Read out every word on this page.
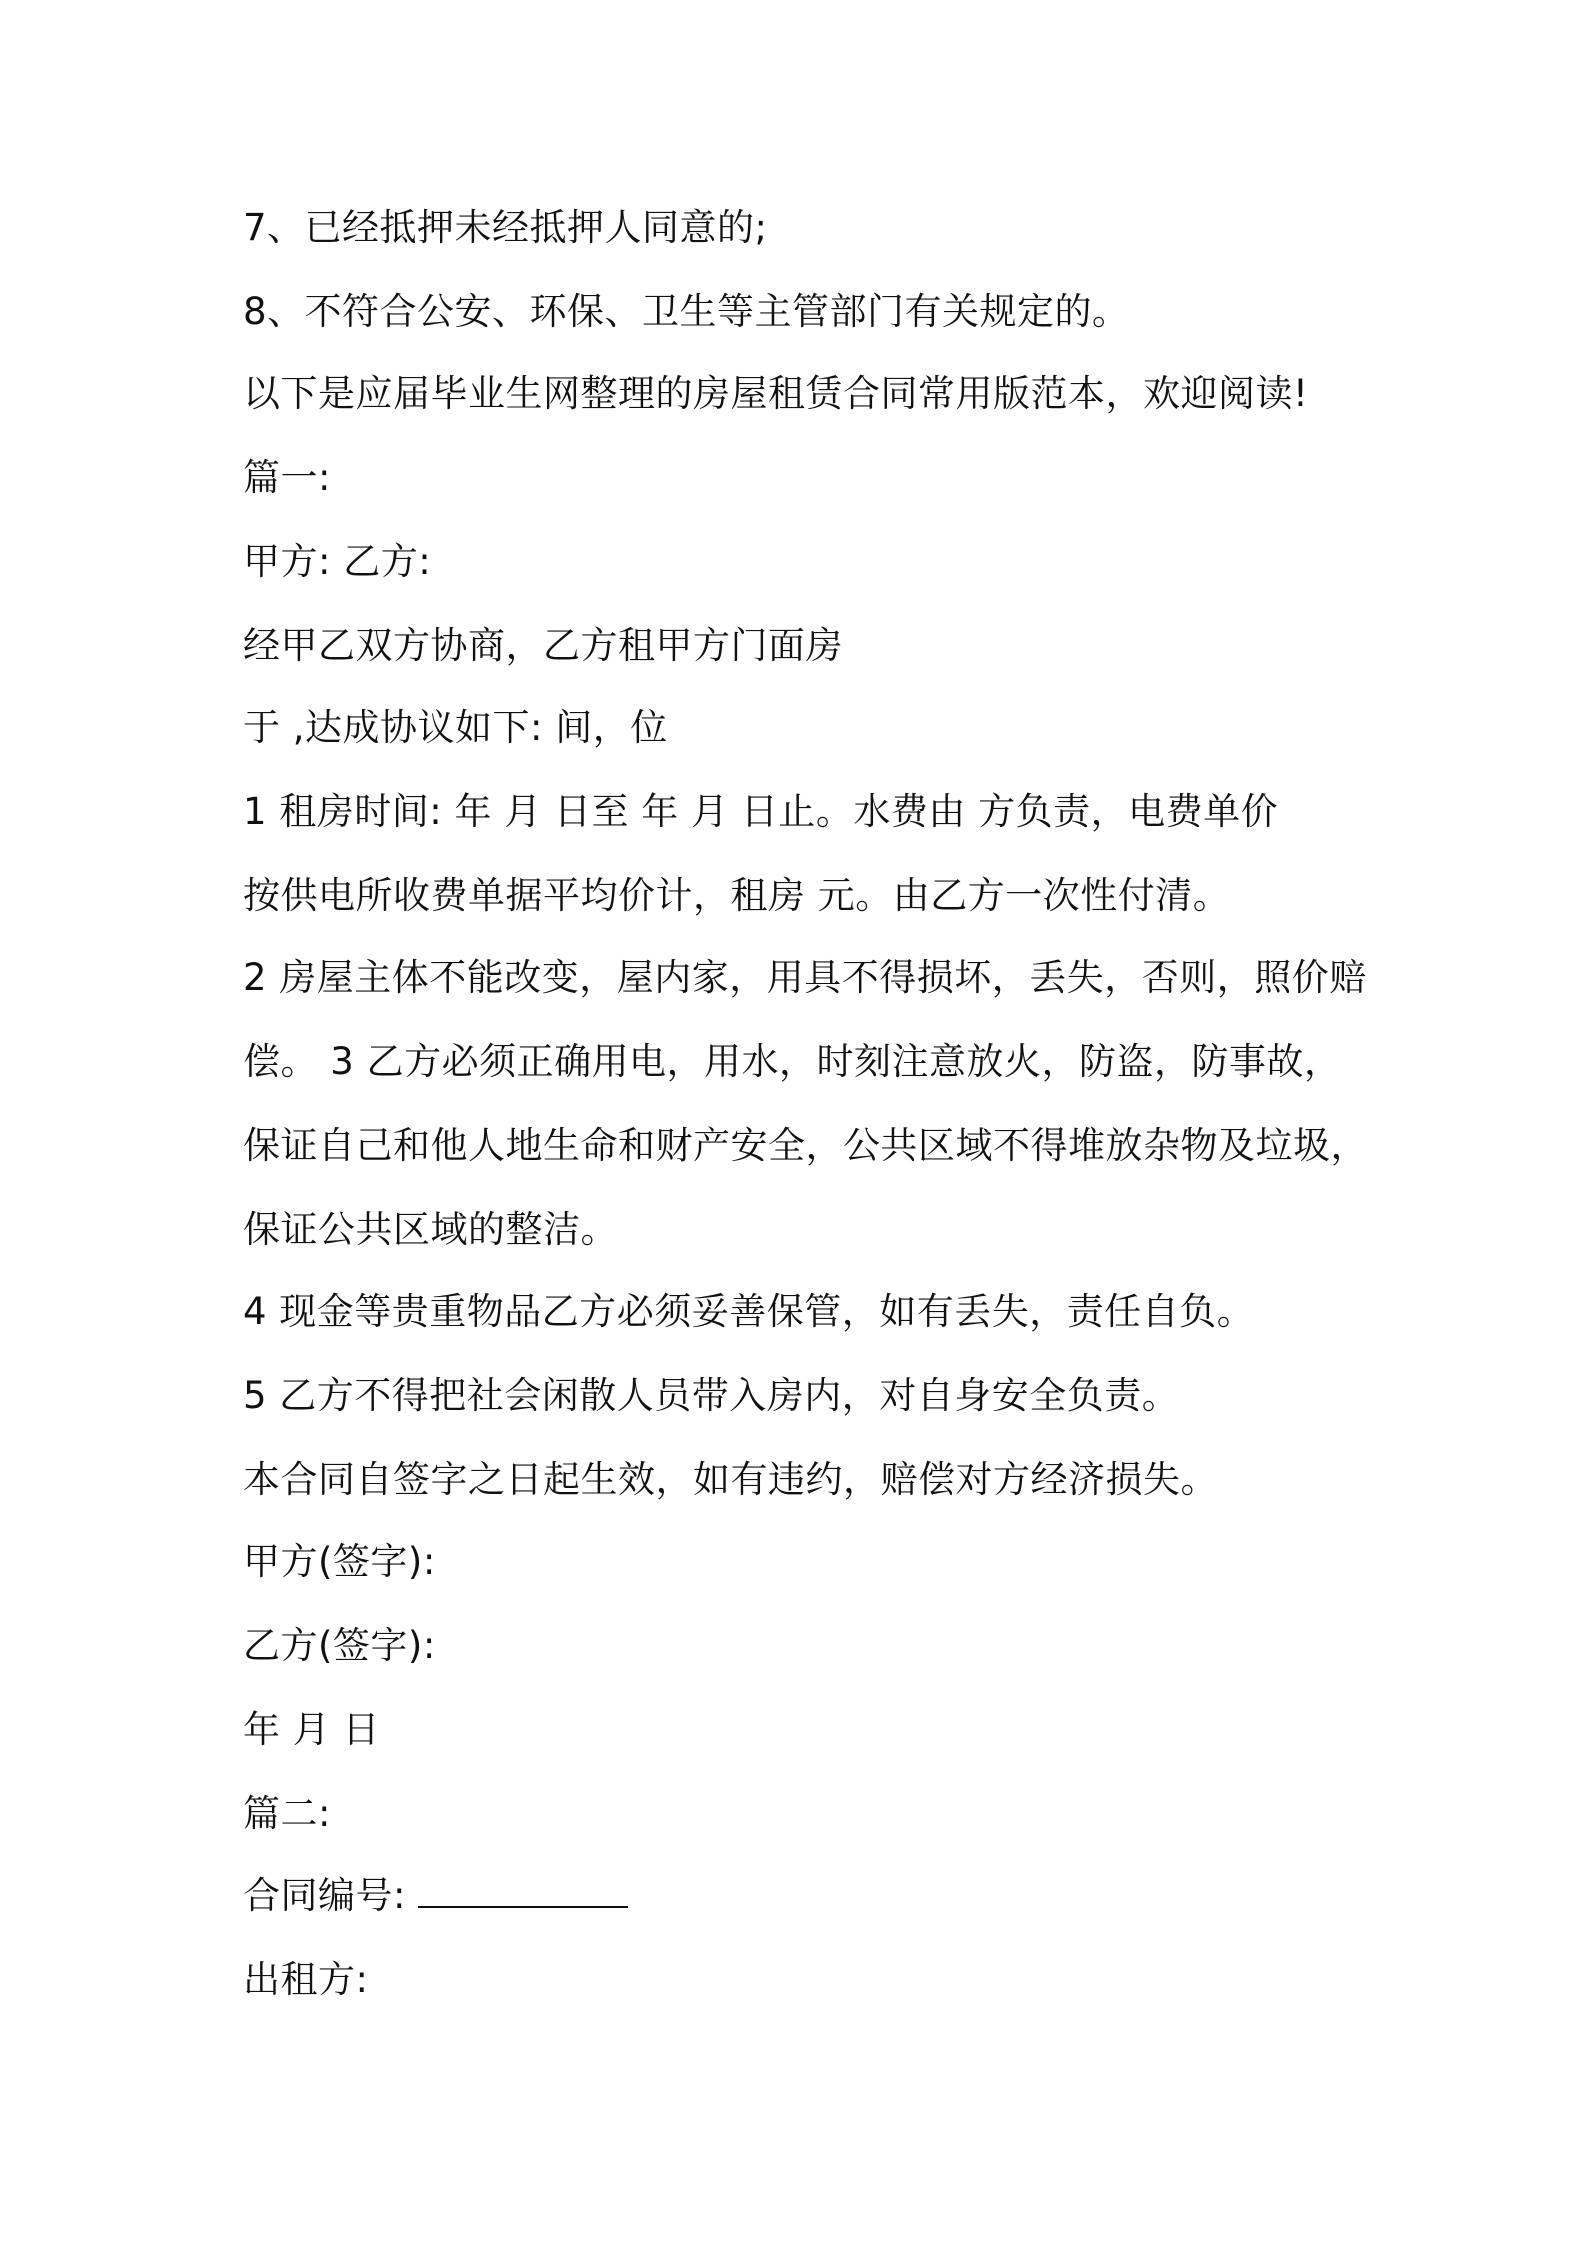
7、已经抵押未经抵押人同意的;
8、不符合公安、环保、卫生等主管部门有关规定的。
以下是应届毕业生网整理的房屋租赁合同常用版范本，欢迎阅读!
篇一:
甲方: 乙方:
经甲乙双方协商，乙方租甲方门面房
于 ,达成协议如下: 间，位
1 租房时间: 年 月 日至 年 月 日止。水费由 方负责，电费单价
按供电所收费单据平均价计，租房 元。由乙方一次性付清。
2 房屋主体不能改变，屋内家，用具不得损坏，丢失，否则，照价赔
偿。 3 乙方必须正确用电，用水，时刻注意放火，防盗，防事故，
保证自己和他人地生命和财产安全，公共区域不得堆放杂物及垃圾，
保证公共区域的整洁。
4 现金等贵重物品乙方必须妥善保管，如有丢失，责任自负。
5 乙方不得把社会闲散人员带入房内，对自身安全负责。
本合同自签字之日起生效，如有违约，赔偿对方经济损失。
甲方(签字):
乙方(签字):
年 月 日
篇二:
合同编号:
出租方:
